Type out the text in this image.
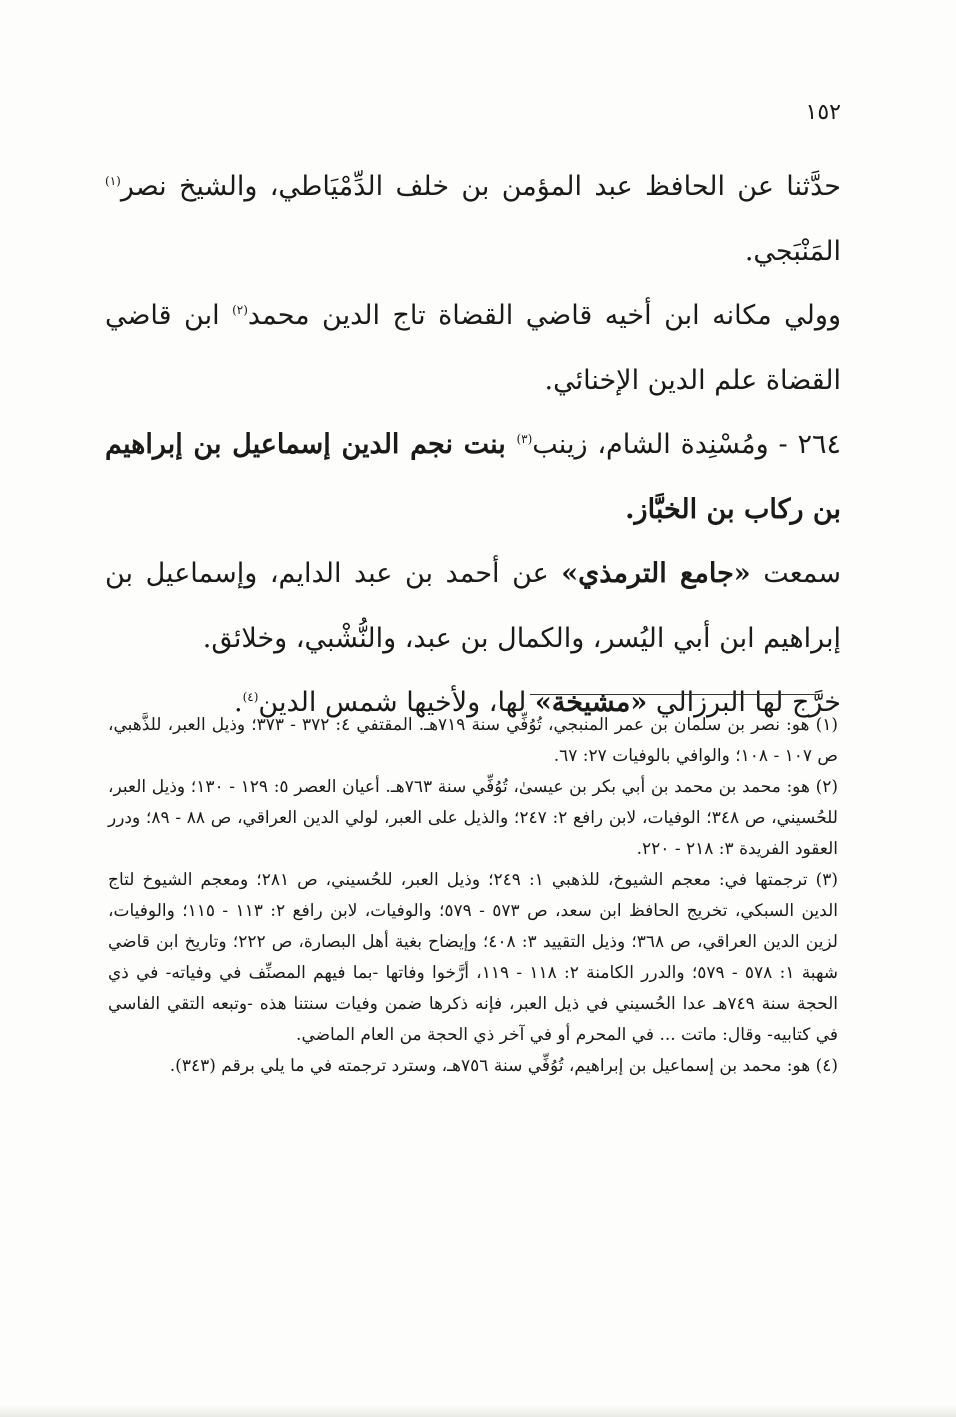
١٥٢

حدَّثنا عن الحافظ عبد المؤمن بن خلف الدِّمْيَاطي، والشيخ نصر$^{(١)}$ المَنْبَجي.

وولي مكانه ابن أخيه قاضي القضاة تاج الدين محمد$^{(٢)}$ ابن قاضي القضاة علم الدين الإخنائي.

٢٦٤ - ومُسْنِدة الشام، زينب$^{(٣)}$ بنت نجم الدين إسماعيل بن إبراهيم بن ركاب بن الخبَّاز.

سمعت «جامع الترمذي» عن أحمد بن عبد الدايم، وإسماعيل بن إبراهيم ابن أبي اليُسر، والكمال بن عبد، والنُّشْبي، وخلائق.

خرَّج لها البرزالي «مشيخة» لها، ولأخيها شمس الدين$^{(٤)}$.

(١) هو: نصر بن سلمان بن عمر المنبجي، تُوُفِّي سنة ٧١٩هـ. المقتفي ٤: ٣٧٢ - ٣٧٣؛ وذيل العبر، للذَّهبي، ص ١٠٧ - ١٠٨؛ والوافي بالوفيات ٢٧: ٦٧.

(٢) هو: محمد بن محمد بن أبي بكر بن عيسىٰ، تُوُفِّي سنة ٧٦٣هـ. أعيان العصر ٥: ١٢٩ - ١٣٠؛ وذيل العبر، للحُسيني، ص ٣٤٨؛ الوفيات، لابن رافع ٢: ٢٤٧؛ والذيل على العبر، لولي الدين العراقي، ص ٨٨ - ٨٩؛ ودرر العقود الفريدة ٣: ٢١٨ - ٢٢٠.

(٣) ترجمتها في: معجم الشيوخ، للذهبي ١: ٢٤٩؛ وذيل العبر، للحُسيني، ص ٢٨١؛ ومعجم الشيوخ لتاج الدين السبكي، تخريج الحافظ ابن سعد، ص ٥٧٣ - ٥٧٩؛ والوفيات، لابن رافع ٢: ١١٣ - ١١٥؛ والوفيات، لزين الدين العراقي، ص ٣٦٨؛ وذيل التقييد ٣: ٤٠٨؛ وإيضاح بغية أهل البصارة، ص ٢٢٢؛ وتاريخ ابن قاضي شهبة ١: ٥٧٨ - ٥٧٩؛ والدرر الكامنة ٢: ١١٨ - ١١٩، أرَّخوا وفاتها -بما فيهم المصنِّف في وفياته- في ذي الحجة سنة ٧٤٩هـ عدا الحُسيني في ذيل العبر، فإنه ذكرها ضمن وفيات سنتنا هذه -وتبعه التقي الفاسي في كتابيه- وقال: ماتت ... في المحرم أو في آخر ذي الحجة من العام الماضي.

(٤) هو: محمد بن إسماعيل بن إبراهيم، تُوُفِّي سنة ٧٥٦هـ، وسترد ترجمته في ما يلي برقم (٣٤٣).
